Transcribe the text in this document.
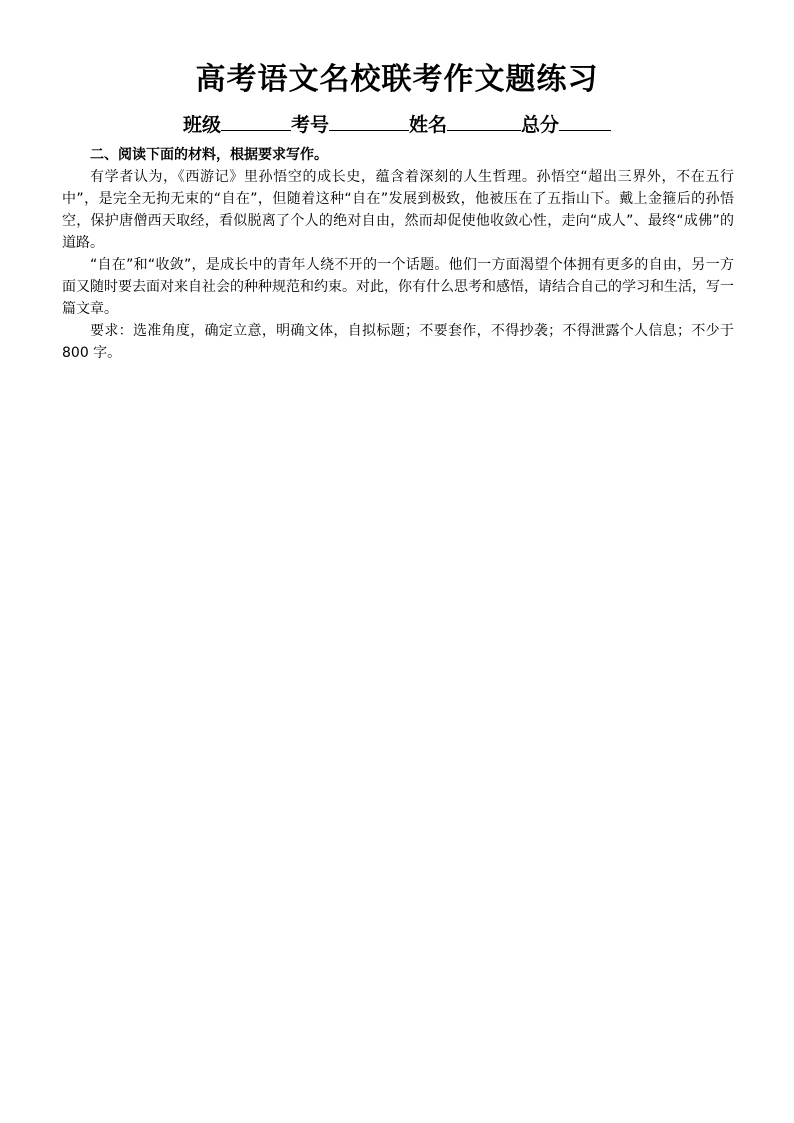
高考语文名校联考作文题练习
班级	考号	姓名	总分

二、阅读下面的材料，根据要求写作。

有学者认为，《西游记》里孙悟空的成长史，蕴含着深刻的人生哲理。孙悟空“超出三界外，不在五行中”，是完全无拘无束的“自在”，但随着这种“自在”发展到极致，他被压在了五指山下。戴上金箍后的孙悟空，保护唐僧西天取经，看似脱离了个人的绝对自由，然而却促使他收敛心性，走向“成人”、最终“成佛”的道路。

“自在”和“收敛”，是成长中的青年人绕不开的一个话题。他们一方面渴望个体拥有更多的自由，另一方面又随时要去面对来自社会的种种规范和约束。对此，你有什么思考和感悟，请结合自己的学习和生活，写一篇文章。

要求：选准角度，确定立意，明确文体，自拟标题；不要套作，不得抄袭；不得泄露个人信息；不少于 800 字。
